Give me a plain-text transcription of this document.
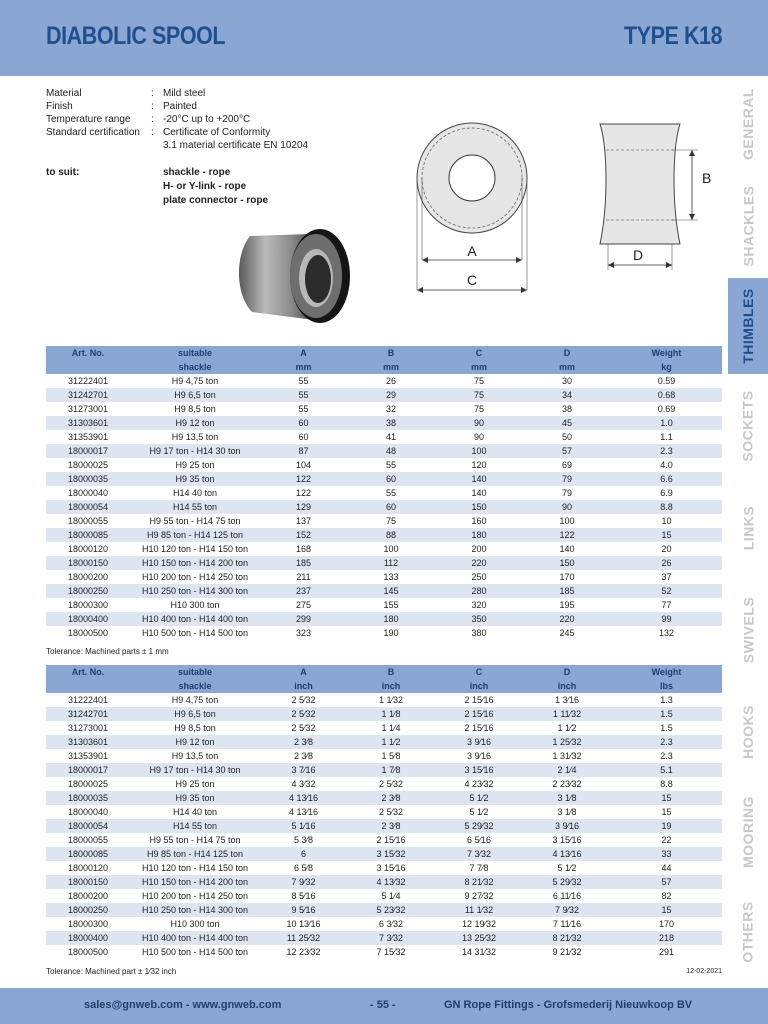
DIABOLIC SPOOL	TYPE K18
Material	: Mild steel
Finish	: Painted
Temperature range	: -20°C up to +200°C
Standard certification	: Certificate of Conformity
3.1 material certificate EN 10204
to suit:	shackle - rope
H- or Y-link - rope
plate connector - rope
A
C
B
D
GENERAL
SHACKLES
THIMBLES
SOCKETS
LINKS
SWIVELS
HOOKS
MOORING
OTHERS
Art. No.	suitable	A	B	C	D	Weight
	shackle	mm	mm	mm	mm	kg
31222401	H9 4,75 ton	55	26	75	30	0.59
31242701	H9 6,5 ton	55	29	75	34	0.68
31273001	H9 8,5 ton	55	32	75	38	0.69
31303601	H9 12 ton	60	38	90	45	1.0
31353901	H9 13,5 ton	60	41	90	50	1.1
18000017	H9 17 ton - H14 30 ton	87	48	100	57	2.3
18000025	H9 25 ton	104	55	120	69	4.0
18000035	H9 35 ton	122	60	140	79	6.6
18000040	H14 40 ton	122	55	140	79	6.9
18000054	H14 55 ton	129	60	150	90	8.8
18000055	H9 55 ton - H14 75 ton	137	75	160	100	10
18000085	H9 85 ton - H14 125 ton	152	88	180	122	15
18000120	H10 120 ton - H14 150 ton	168	100	200	140	20
18000150	H10 150 ton - H14 200 ton	185	112	220	150	26
18000200	H10 200 ton - H14 250 ton	211	133	250	170	37
18000250	H10 250 ton - H14 300 ton	237	145	280	185	52
18000300	H10 300 ton	275	155	320	195	77
18000400	H10 400 ton - H14 400 ton	299	180	350	220	99
18000500	H10 500 ton - H14 500 ton	323	190	380	245	132
Tolerance: Machined parts ± 1 mm
Art. No.	suitable	A	B	C	D	Weight
	shackle	inch	inch	inch	inch	lbs
31222401	H9 4,75 ton	2 5⁄32	1 1⁄32	2 15⁄16	1 3⁄16	1.3
31242701	H9 6,5 ton	2 5⁄32	1 1⁄8	2 15⁄16	1 11⁄32	1.5
31273001	H9 8,5 ton	2 5⁄32	1 1⁄4	2 15⁄16	1 1⁄2	1.5
31303601	H9 12 ton	2 3⁄8	1 1⁄2	3 9⁄16	1 25⁄32	2.3
31353901	H9 13,5 ton	2 3⁄8	1 5⁄8	3 9⁄16	1 31⁄32	2.3
18000017	H9 17 ton - H14 30 ton	3 7⁄16	1 7⁄8	3 15⁄16	2 1⁄4	5.1
18000025	H9 25 ton	4 3⁄32	2 5⁄32	4 23⁄32	2 23⁄32	8.8
18000035	H9 35 ton	4 13⁄16	2 3⁄8	5 1⁄2	3 1⁄8	15
18000040	H14 40 ton	4 13⁄16	2 5⁄32	5 1⁄2	3 1⁄8	15
18000054	H14 55 ton	5 1⁄16	2 3⁄8	5 29⁄32	3 9⁄16	19
18000055	H9 55 ton - H14 75 ton	5 3⁄8	2 15⁄16	6 5⁄16	3 15⁄16	22
18000085	H9 85 ton - H14 125 ton	6	3 15⁄32	7 3⁄32	4 13⁄16	33
18000120	H10 120 ton - H14 150 ton	6 5⁄8	3 15⁄16	7 7⁄8	5 1⁄2	44
18000150	H10 150 ton - H14 200 ton	7 9⁄32	4 13⁄32	8 21⁄32	5 29⁄32	57
18000200	H10 200 ton - H14 250 ton	8 5⁄16	5 1⁄4	9 27⁄32	6 11⁄16	82
18000250	H10 250 ton - H14 300 ton	9 5⁄16	5 23⁄32	11 1⁄32	7 9⁄32	15
18000300	H10 300 ton	10 13⁄16	6 3⁄32	12 19⁄32	7 11⁄16	170
18000400	H10 400 ton - H14 400 ton	11 25⁄32	7 3⁄32	13 25⁄32	8 21⁄32	218
18000500	H10 500 ton - H14 500 ton	12 23⁄32	7 15⁄32	14 31⁄32	9 21⁄32	291
Tolerance: Machined part ± 1⁄32 inch	12-02-2021
sales@gnweb.com - www.gnweb.com	- 55 -	GN Rope Fittings - Grofsmederij Nieuwkoop BV
